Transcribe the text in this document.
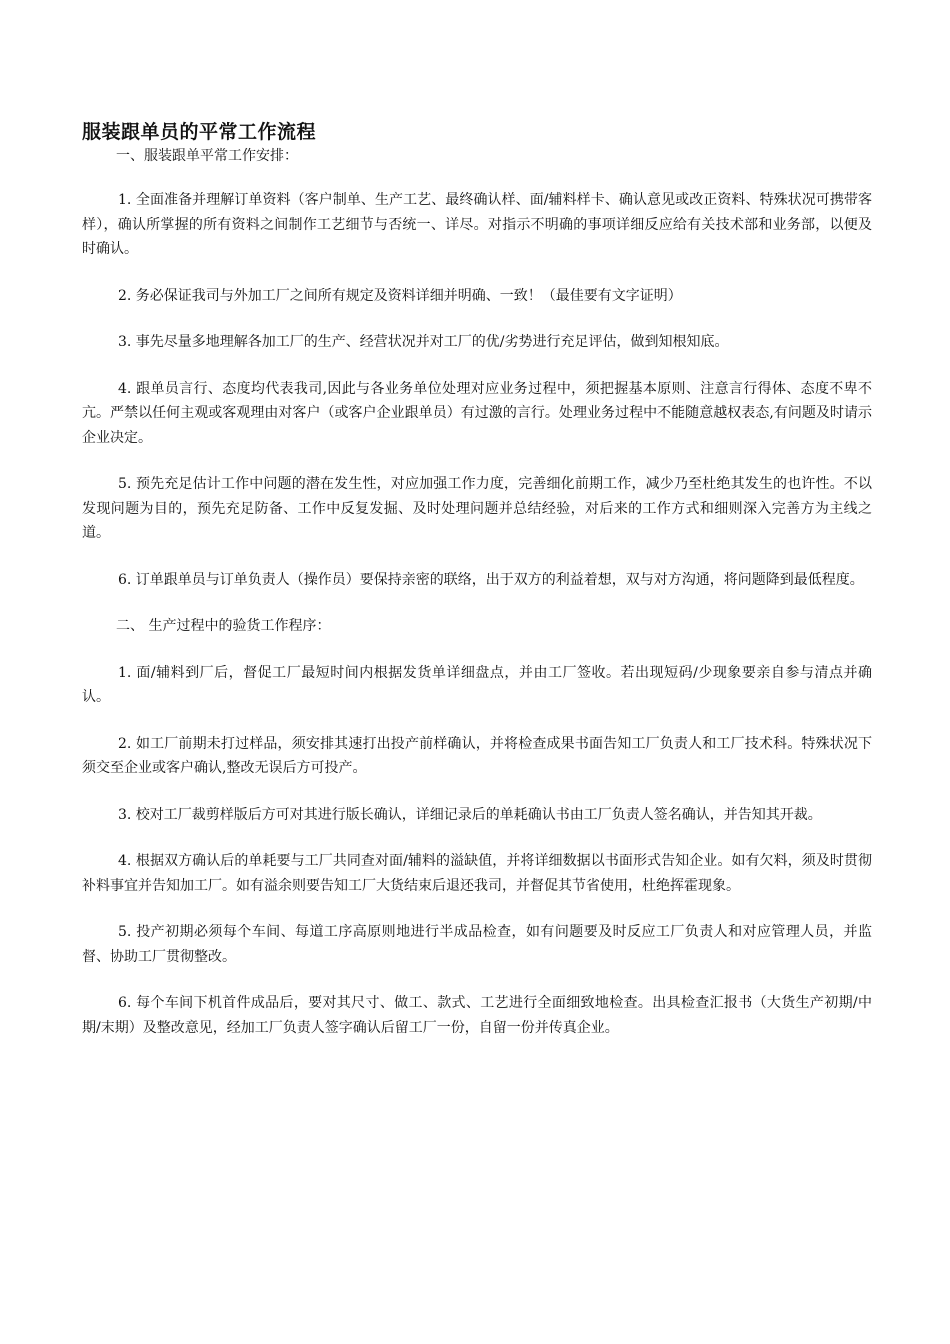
服装跟单员的平常工作流程

一、服装跟单平常工作安排：

1. 全面准备并理解订单资料（客户制单、生产工艺、最终确认样、面/辅料样卡、确认意见或改正资料、特殊状况可携带客样），确认所掌握的所有资料之间制作工艺细节与否统一、详尽。对指示不明确的事项详细反应给有关技术部和业务部，以便及时确认。

2. 务必保证我司与外加工厂之间所有规定及资料详细并明确、一致！（最佳要有文字证明）

3. 事先尽量多地理解各加工厂的生产、经营状况并对工厂的优/劣势进行充足评估，做到知根知底。

4. 跟单员言行、态度均代表我司,因此与各业务单位处理对应业务过程中，须把握基本原则、注意言行得体、态度不卑不亢。严禁以任何主观或客观理由对客户（或客户企业跟单员）有过激的言行。处理业务过程中不能随意越权表态,有问题及时请示企业决定。

5. 预先充足估计工作中问题的潜在发生性，对应加强工作力度，完善细化前期工作，减少乃至杜绝其发生的也许性。不以发现问题为目的，预先充足防备、工作中反复发掘、及时处理问题并总结经验，对后来的工作方式和细则深入完善方为主线之道。

6. 订单跟单员与订单负责人（操作员）要保持亲密的联络，出于双方的利益着想，双与对方沟通，将问题降到最低程度。

二、 生产过程中的验货工作程序：

1. 面/辅料到厂后，督促工厂最短时间内根据发货单详细盘点，并由工厂签收。若出现短码/少现象要亲自参与清点并确认。

2. 如工厂前期未打过样品，须安排其速打出投产前样确认，并将检查成果书面告知工厂负责人和工厂技术科。特殊状况下须交至企业或客户确认,整改无误后方可投产。

3. 校对工厂裁剪样版后方可对其进行版长确认，详细记录后的单耗确认书由工厂负责人签名确认，并告知其开裁。

4. 根据双方确认后的单耗要与工厂共同查对面/辅料的溢缺值，并将详细数据以书面形式告知企业。如有欠料，须及时贯彻补料事宜并告知加工厂。如有溢余则要告知工厂大货结束后退还我司，并督促其节省使用，杜绝挥霍现象。

5. 投产初期必须每个车间、每道工序高原则地进行半成品检查，如有问题要及时反应工厂负责人和对应管理人员，并监督、协助工厂贯彻整改。

6. 每个车间下机首件成品后，要对其尺寸、做工、款式、工艺进行全面细致地检查。出具检查汇报书（大货生产初期/中期/末期）及整改意见，经加工厂负责人签字确认后留工厂一份，自留一份并传真企业。
